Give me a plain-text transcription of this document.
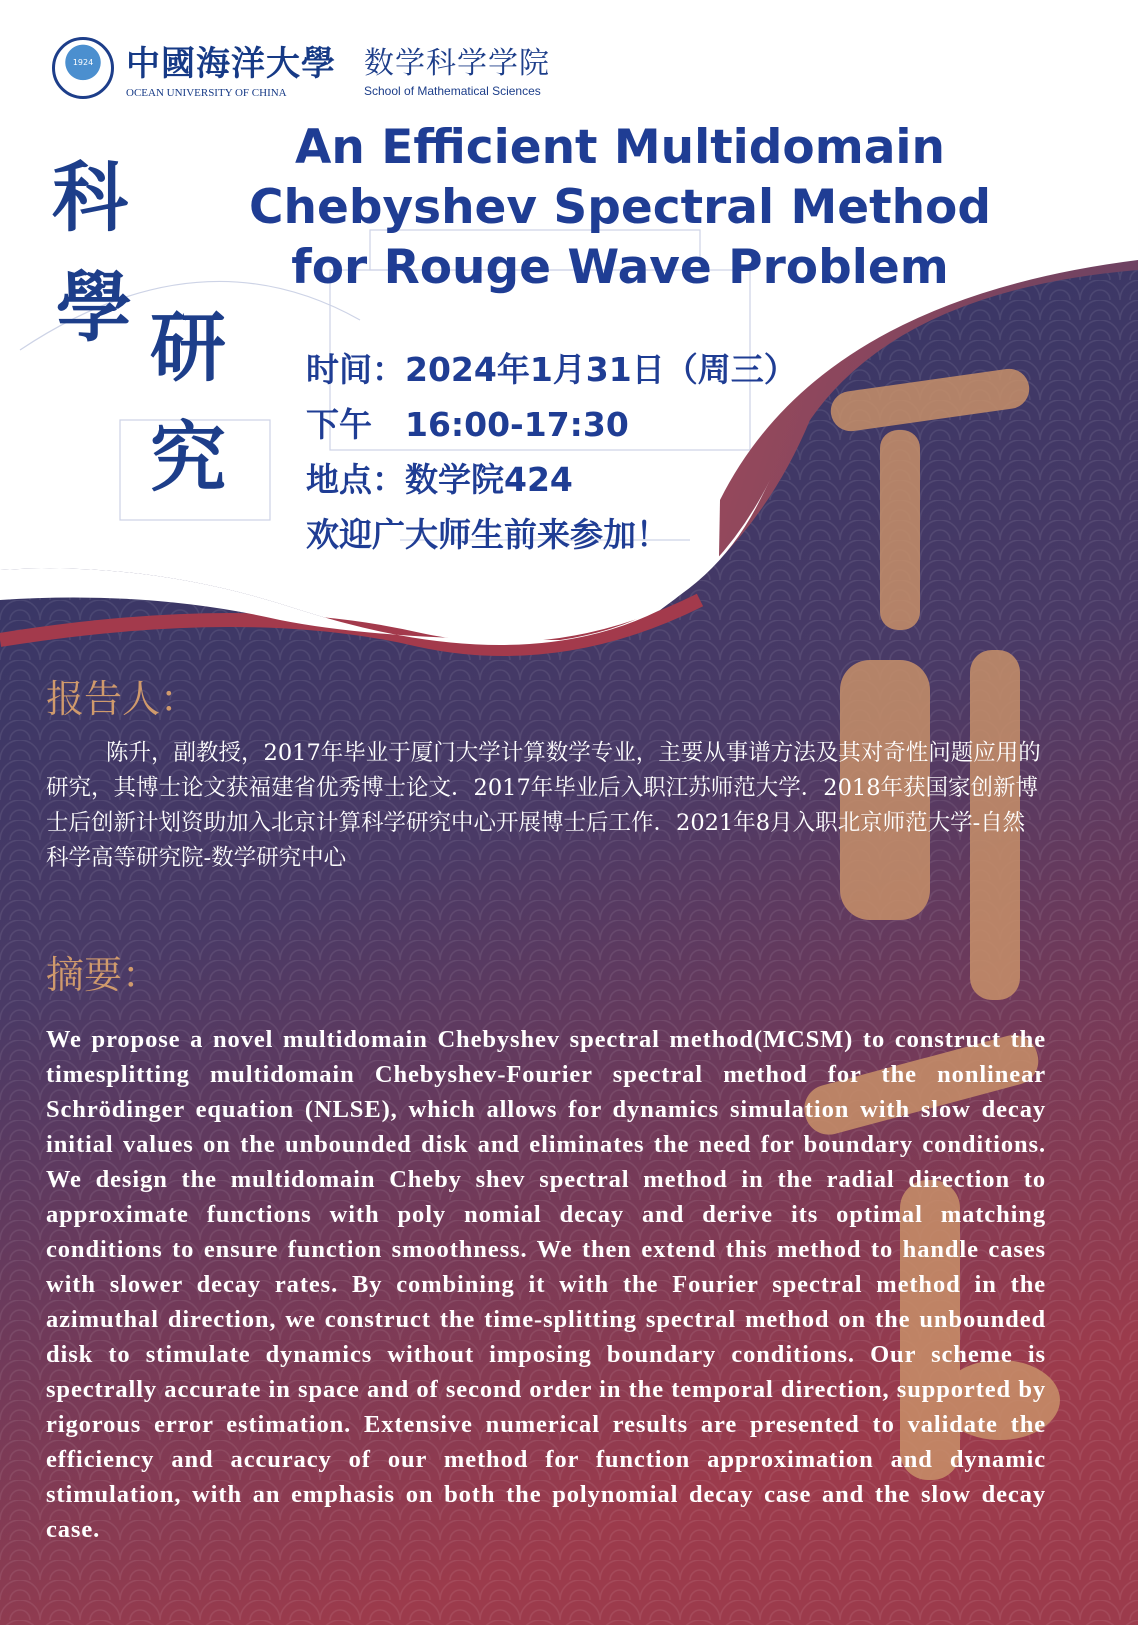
1924 中國海洋大學
OCEAN UNIVERSITY OF CHINA
数学科学学院
School of Mathematical Sciences
科
學 研
究
An Efficient Multidomain Chebyshev Spectral Method for Rouge Wave Problem
时间：2024年1月31日（周三）
下午　16:00-17:30
地点：数学院424
欢迎广大师生前来参加！
报告人：
陈升，副教授，2017年毕业于厦门大学计算数学专业，主要从事谱方法及其对奇性问题应用的研究，其博士论文获福建省优秀博士论文．2017年毕业后入职江苏师范大学．2018年获国家创新博士后创新计划资助加入北京计算科学研究中心开展博士后工作．2021年8月入职北京师范大学-自然科学高等研究院-数学研究中心
摘要：
We propose a novel multidomain Chebyshev spectral method(MCSM) to construct the timesplitting multidomain Chebyshev-Fourier spectral method for the nonlinear Schrödinger equation (NLSE), which allows for dynamics simulation with slow decay initial values on the unbounded disk and eliminates the need for boundary conditions. We design the multidomain Cheby shev spectral method in the radial direction to approximate functions with poly nomial decay and derive its optimal matching conditions to ensure function smoothness. We then extend this method to handle cases with slower decay rates. By combining it with the Fourier spectral method in the azimuthal direction, we construct the time-splitting spectral method on the unbounded disk to stimulate dynamics without imposing boundary conditions. Our scheme is spectrally accurate in space and of second order in the temporal direction, supported by rigorous error estimation. Extensive numerical results are presented to validate the efficiency and accuracy of our method for function approximation and dynamic stimulation, with an emphasis on both the polynomial decay case and the slow decay case.
